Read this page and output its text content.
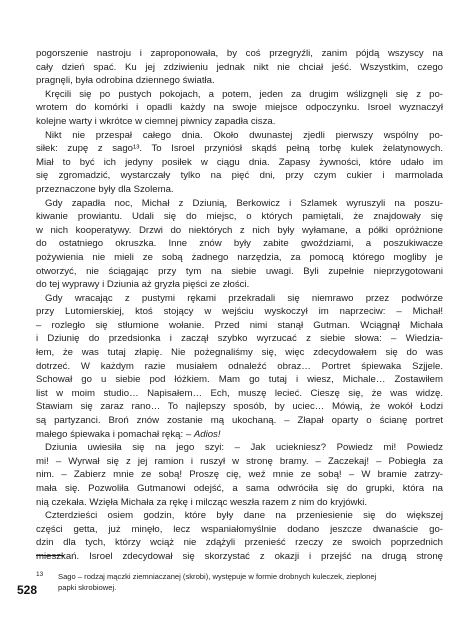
pogorszenie nastroju i zaproponowała, by coś przegryźli, zanim pójdą wszyscy na
cały dzień spać. Ku jej zdziwieniu jednak nikt nie chciał jeść. Wszystkim, czego
pragnęli, była odrobina dziennego światła.
Kręcili się po pustych pokojach, a potem, jeden za drugim wślizgnęli się z po-
wrotem do komórki i opadli każdy na swoje miejsce odpoczynku. Isroel wyznaczył
kolejne warty i wkrótce w ciemnej piwnicy zapadła cisza.
Nikt nie przespał całego dnia. Około dwunastej zjedli pierwszy wspólny po-
siłek: zupę z sago¹³. To Isroel przyniósł skądś pełną torbę kulek żelatynowych.
Miał to być ich jedyny posiłek w ciągu dnia. Zapasy żywności, które udało im
się zgromadzić, wystarczały tylko na pięć dni, przy czym cukier i marmolada
przeznaczone były dla Szolema.
Gdy zapadła noc, Michał z Dziunią, Berkowicz i Szlamek wyruszyli na poszu-
kiwanie prowiantu. Udali się do miejsc, o których pamiętali, że znajdowały się
w nich kooperatywy. Drzwi do niektórych z nich były wyłamane, a półki opróżnione
do ostatniego okruszka. Inne znów były zabite gwoździami, a poszukiwacze
pożywienia nie mieli ze sobą żadnego narzędzia, za pomocą którego mogliby je
otworzyć, nie ściągając przy tym na siebie uwagi. Byli zupełnie nieprzygotowani
do tej wyprawy i Dziunia aż gryzła pięści ze złości.
Gdy wracając z pustymi rękami przekradali się niemrawo przez podwórze
przy Lutomierskiej, ktoś stojący w wejściu wyskoczył im naprzeciw: – Michał!
– rozległo się stłumione wołanie. Przed nimi stanął Gutman. Wciągnął Michała
i Dziunię do przedsionka i zaczął szybko wyrzucać z siebie słowa: – Wiedzia-
łem, że was tutaj złapię. Nie pożegnaliśmy się, więc zdecydowałem się do was
dotrzeć. W każdym razie musiałem odnaleźć obraz… Portret śpiewaka Szjjele.
Schował go u siebie pod łóżkiem. Mam go tutaj i wiesz, Michale… Zostawiłem
list w moim studio… Napisałem… Ech, muszę lecieć. Cieszę się, że was widzę.
Stawiam się zaraz rano… To najlepszy sposób, by uciec… Mówią, że wokół Łodzi
są partyzanci. Broń znów zostanie mą ukochaną. – Złapał oparty o ścianę portret
małego śpiewaka i pomachał ręką: – Adios!
Dziunia uwiesiła się na jego szyi: – Jak uciekniesz? Powiedz mi! Powiedz
mi! – Wyrwał się z jej ramion i ruszył w stronę bramy. – Zaczekaj! – Pobiegła za
nim. – Zabierz mnie ze sobą! Proszę cię, weź mnie ze sobą! – W bramie zatrzy-
mała się. Pozwoliła Gutmanowi odejść, a sama odwróciła się do grupki, która na
nią czekała. Wzięła Michała za rękę i milcząc weszła razem z nim do kryjówki.
Czterdzieści osiem godzin, które były dane na przeniesienie się do większej
części getta, już minęło, lecz wspaniałomyślnie dodano jeszcze dwanaście go-
dzin dla tych, którzy wciąż nie zdążyli przenieść rzeczy ze swoich poprzednich
mieszkań. Isroel zdecydował się skorzystać z okazji i przejść na drugą stronę
13 Sago – rodzaj mączki ziemniaczanej (skrobi), występuje w formie drobnych kuleczek, zieplonej
papki skrobiowej.
528
